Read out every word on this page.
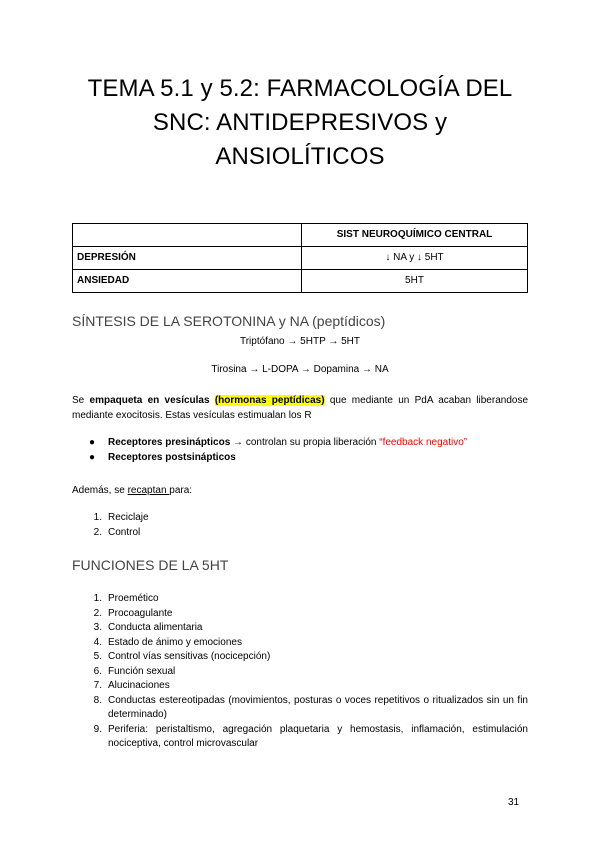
TEMA 5.1 y 5.2: FARMACOLOGÍA DEL SNC: ANTIDEPRESIVOS y ANSIOLÍTICOS
	SIST NEUROQUÍMICO CENTRAL
DEPRESIÓN	↓ NA y ↓ 5HT
ANSIEDAD	5HT
SÍNTESIS DE LA SEROTONINA y NA (peptídicos)
Triptófano → 5HTP → 5HT
Tirosina → L-DOPA → Dopamina → NA

Se empaqueta en vesículas (hormonas peptídicas) que mediante un PdA acaban liberandose mediante exocitosis. Estas vesículas estimualan los R

● Receptores presinápticos → controlan su propia liberación “feedback negativo”
● Receptores postsinápticos

Además, se recaptan para:

1. Reciclaje
2. Control
FUNCIONES DE LA 5HT
1. Proemético
2. Procoagulante
3. Conducta alimentaria
4. Estado de ánimo y emociones
5. Control vías sensitivas (nocicepción)
6. Función sexual
7. Alucinaciones
8. Conductas estereotipadas (movimientos, posturas o voces repetitivos o ritualizados sin un fin determinado)
9. Periferia: peristaltismo, agregación plaquetaria y hemostasis, inflamación, estimulación nociceptiva, control microvascular
31
